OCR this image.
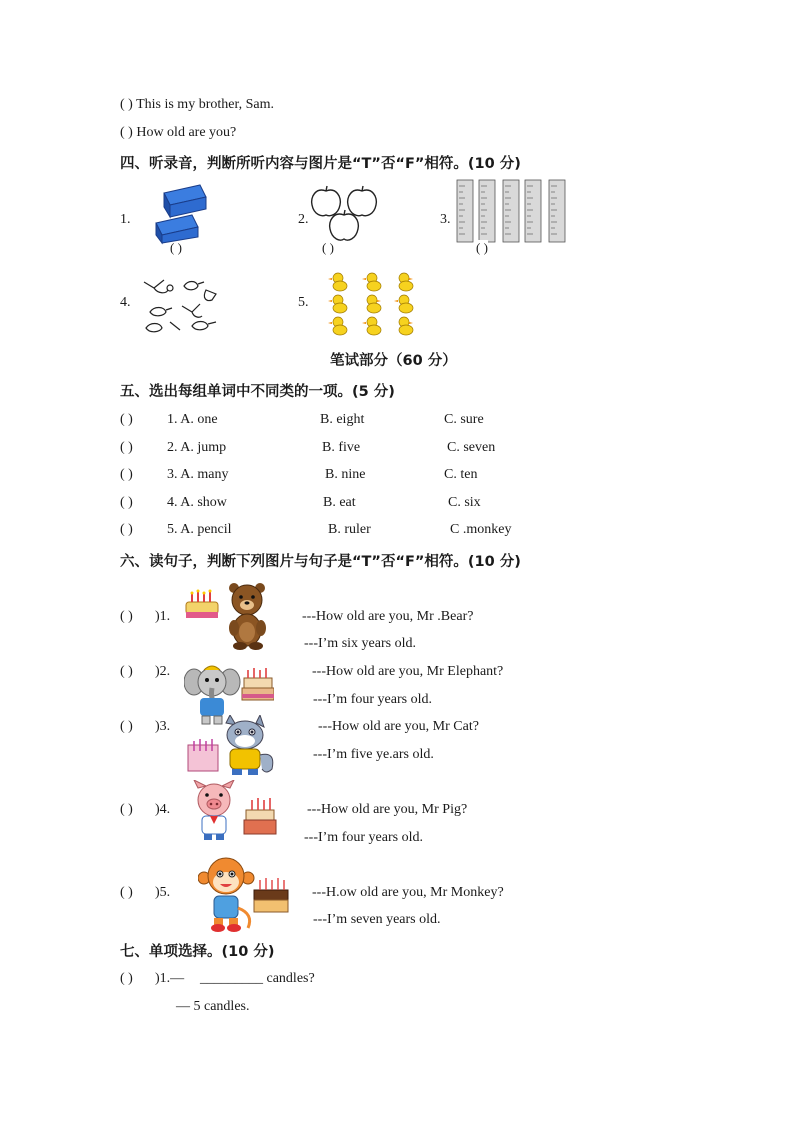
( ) This is my brother, Sam.
( ) How old are you?
四、听录音，判断所听内容与图片是“T”否“F”相符。(10 分)
1.
( )
2.
( )
3.
( )
4.	5.
笔试部分（60 分）
五、选出每组单词中不同类的一项。(5 分)
( ) 1. A. one	B. eight	C. sure
( ) 2. A. jump	B. five	C. seven
( ) 3. A. many	B. nine	C. ten
( ) 4. A. show	B. eat	C. six
( ) 5. A. pencil	B. ruler	C .monkey
六、读句子，判断下列图片与句子是“T”否“F”相符。(10 分)
( ) )1.	---How old are you, Mr .Bear?
---I’m six years old.
( ) )2.	---How old are you, Mr Elephant?
---I’m four years old.
( ) )3.	---How old are you, Mr Cat?
---I’m five ye.ars old.
( ) )4.	---How old are you, Mr Pig?
---I’m four years old.
( ) )5.	---H.ow old are you, Mr Monkey?
---I’m seven years old.
七、单项选择。(10 分)
( ) )1.— _________ candles?
— 5 candles.
